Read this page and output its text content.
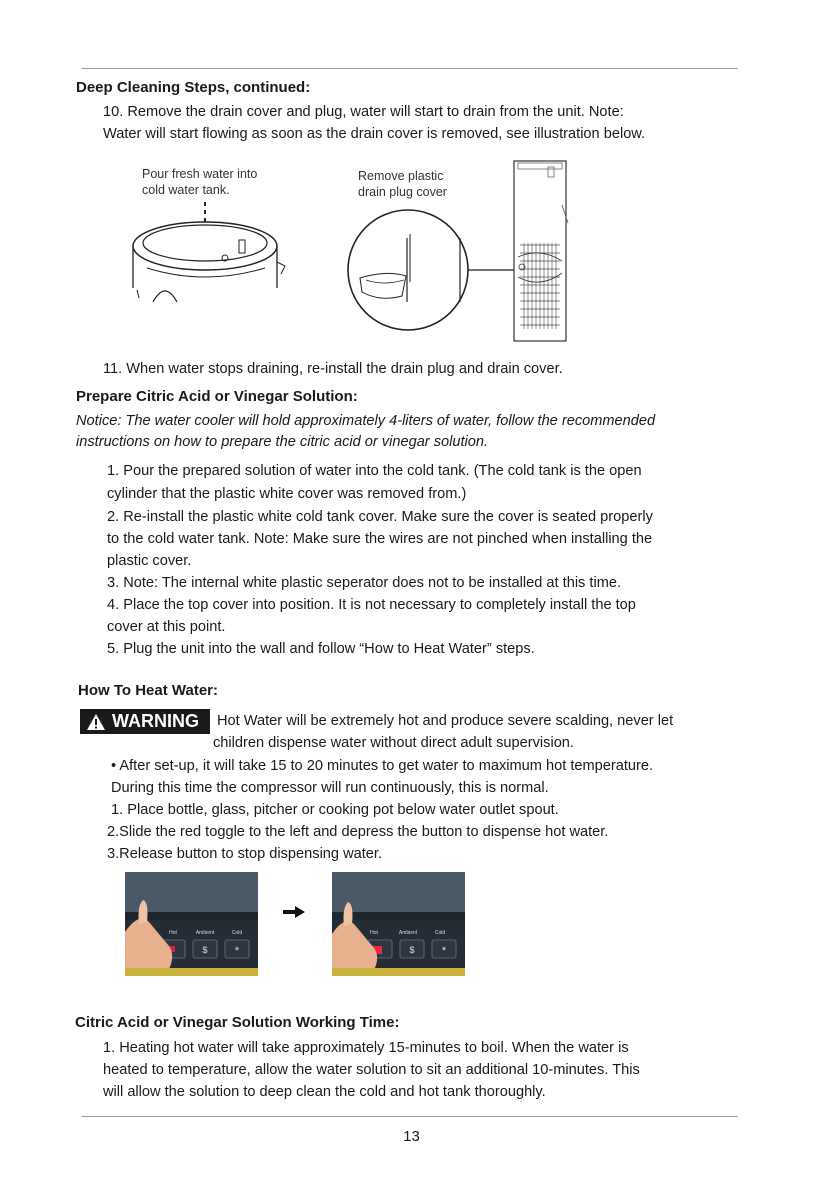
Deep Cleaning Steps, continued:

10. Remove the drain cover and plug, water will start to drain from the unit. Note:

Water will start flowing as soon as the drain cover is removed, see illustration below.

Pour fresh water into

cold water tank.

Remove plastic

drain plug cover

11. When water stops draining, re-install the drain plug and drain cover.

Prepare Citric Acid or Vinegar Solution:

Notice: The water cooler will hold approximately 4-liters of water, follow the recommended

instructions on how to prepare the citric acid or vinegar solution.

1. Pour the prepared solution of water into the cold tank. (The cold tank is the open

cylinder that the plastic white cover was removed from.)

2. Re-install the plastic white cold tank cover. Make sure the cover is seated properly

to the cold water tank. Note: Make sure the wires are not pinched when installing the

plastic cover.

3. Note: The internal white plastic seperator does not to be installed at this time.

4. Place the top cover into position. It is not necessary to completely install the top

cover at this point.

5. Plug the unit into the wall and follow “How to Heat Water” steps.

How To Heat Water:

WARNING Hot Water will be extremely hot and produce severe scalding, never let

children dispense water without direct adult supervision.

• After set-up, it will take 15 to 20 minutes to get water to maximum hot temperature.

During this time the compressor will run continuously, this is normal.

1. Place bottle, glass, pitcher or cooking pot below water outlet spout.

2.Slide the red toggle to the left and depress the button to dispense hot water.

3.Release button to stop dispensing water.

$ *
Hot	Ambient	Cold
$ *
Hot	Ambient	Cold

Citric Acid or Vinegar Solution Working Time:

1. Heating hot water will take approximately 15-minutes to boil. When the water is

heated to temperature, allow the water solution to sit an additional 10-minutes. This

will allow the solution to deep clean the cold and hot tank thoroughly.

13
